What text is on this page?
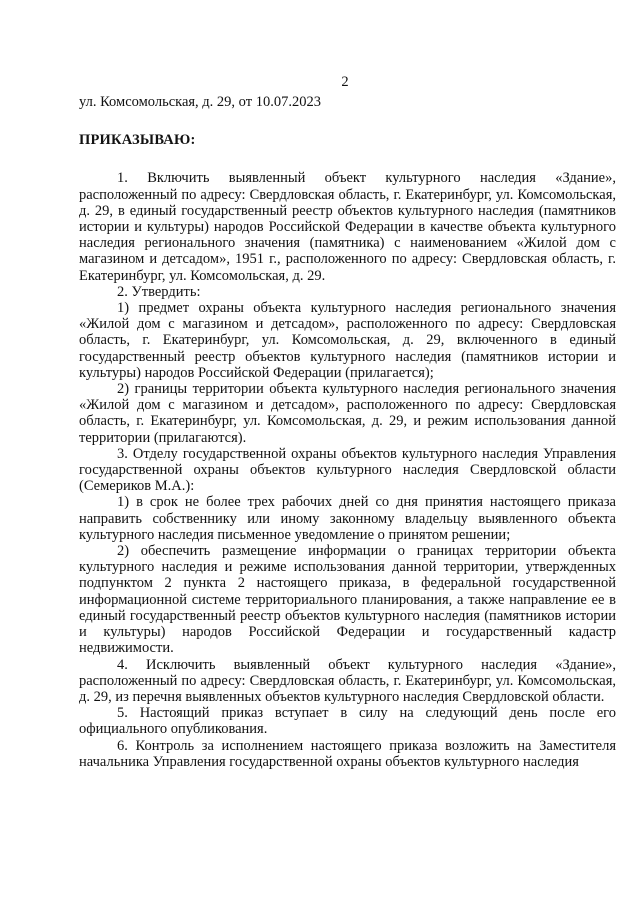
2

ул. Комсомольская, д. 29, от 10.07.2023

ПРИКАЗЫВАЮ:

1. Включить выявленный объект культурного наследия «Здание», расположенный по адресу: Свердловская область, г. Екатеринбург, ул. Комсомольская, д. 29, в единый государственный реестр объектов культурного наследия (памятников истории и культуры) народов Российской Федерации в качестве объекта культурного наследия регионального значения (памятника) с наименованием «Жилой дом с магазином и детсадом», 1951 г., расположенного по адресу: Свердловская область, г. Екатеринбург, ул. Комсомольская, д. 29.

2. Утвердить:

1) предмет охраны объекта культурного наследия регионального значения «Жилой дом с магазином и детсадом», расположенного по адресу: Свердловская область, г. Екатеринбург, ул. Комсомольская, д. 29, включенного в единый государственный реестр объектов культурного наследия (памятников истории и культуры) народов Российской Федерации (прилагается);

2) границы территории объекта культурного наследия регионального значения «Жилой дом с магазином и детсадом», расположенного по адресу: Свердловская область, г. Екатеринбург, ул. Комсомольская, д. 29, и режим использования данной территории (прилагаются).

3. Отделу государственной охраны объектов культурного наследия Управления государственной охраны объектов культурного наследия Свердловской области (Семериков М.А.):

1) в срок не более трех рабочих дней со дня принятия настоящего приказа направить собственнику или иному законному владельцу выявленного объекта культурного наследия письменное уведомление о принятом решении;

2) обеспечить размещение информации о границах территории объекта культурного наследия и режиме использования данной территории, утвержденных подпунктом 2 пункта 2 настоящего приказа, в федеральной государственной информационной системе территориального планирования, а также направление ее в единый государственный реестр объектов культурного наследия (памятников истории и культуры) народов Российской Федерации и государственный кадастр недвижимости.

4. Исключить выявленный объект культурного наследия «Здание», расположенный по адресу: Свердловская область, г. Екатеринбург, ул. Комсомольская, д. 29, из перечня выявленных объектов культурного наследия Свердловской области.

5. Настоящий приказ вступает в силу на следующий день после его официального опубликования.

6. Контроль за исполнением настоящего приказа возложить на Заместителя начальника Управления государственной охраны объектов культурного наследия
